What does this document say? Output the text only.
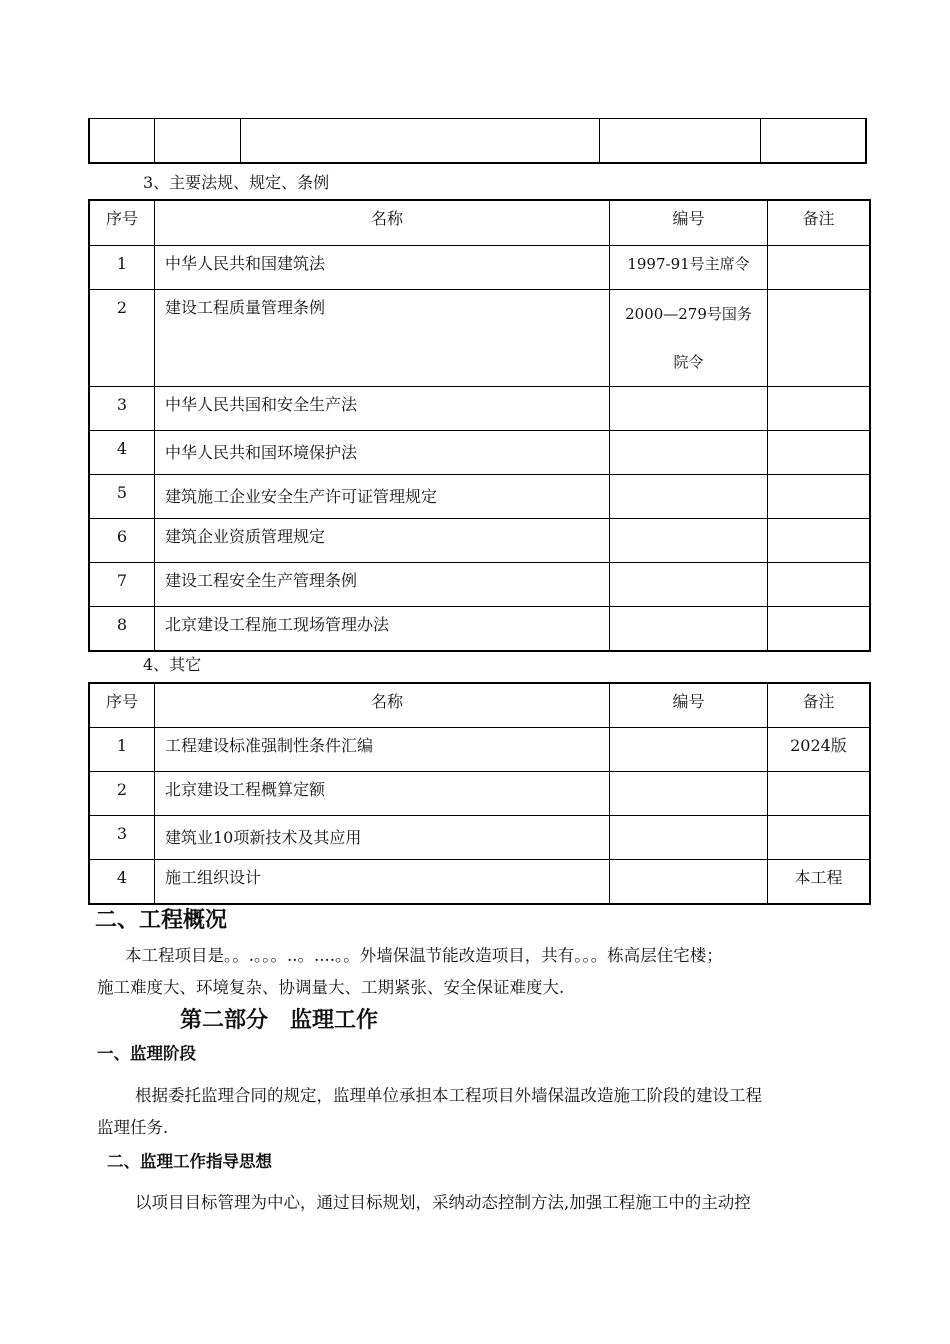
3、主要法规、规定、条例
序号	名称	编号	备注

1	中华人民共和国建筑法	1997-91号主席令	

2	建设工程质量管理条例	2000—279号国务院令	

3	中华人民共国和安全生产法		

4	中华人民共和国环境保护法		

5	建筑施工企业安全生产许可证管理规定		

6	建筑企业资质管理规定		

7	建设工程安全生产管理条例		

8	北京建设工程施工现场管理办法		

4、其它
序号	名称	编号	备注

1	工程建设标准强制性条件汇编		2024版

2	北京建设工程概算定额		

3	建筑业10项新技术及其应用		

4	施工组织设计		本工程
二、工程概况
本工程项目是。。.。。。..。....。。外墙保温节能改造项目，共有。。。栋高层住宅楼；
施工难度大、环境复杂、协调量大、工期紧张、安全保证难度大.
第二部分　监理工作
一、监理阶段
根据委托监理合同的规定，监理单位承担本工程项目外墙保温改造施工阶段的建设工程
监理任务.
二、监理工作指导思想
以项目目标管理为中心，通过目标规划，采纳动态控制方法,加强工程施工中的主动控
